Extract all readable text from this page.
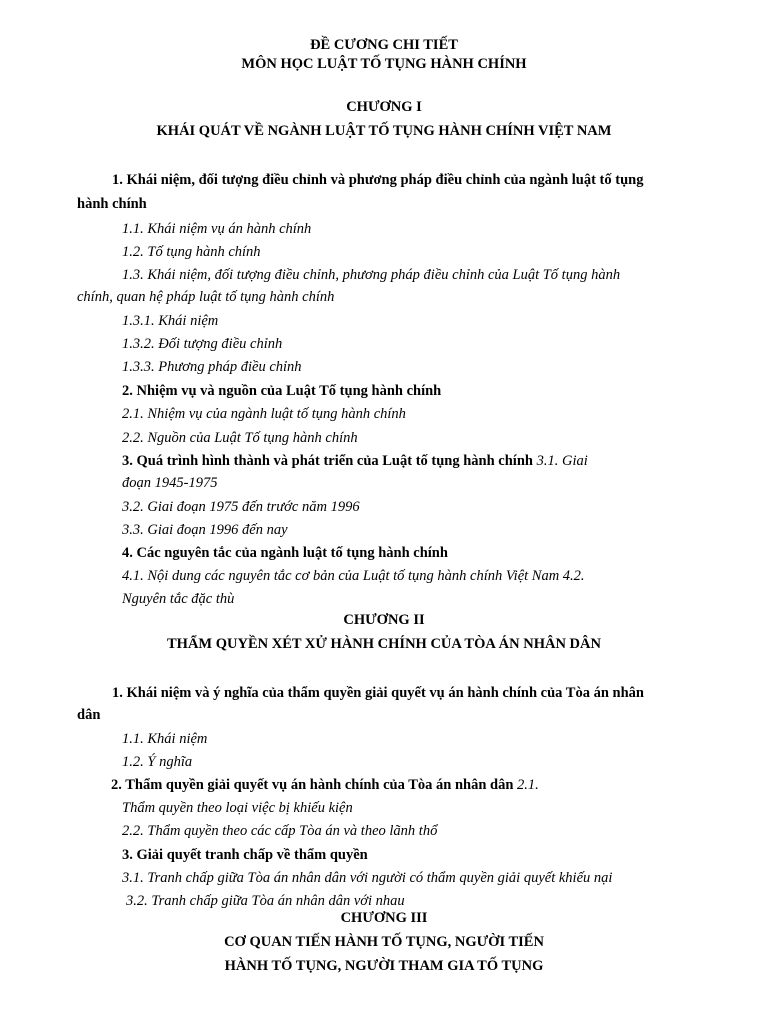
ĐỀ CƯƠNG CHI TIẾT
MÔN HỌC LUẬT TỐ TỤNG HÀNH CHÍNH
CHƯƠNG I
KHÁI QUÁT VỀ NGÀNH LUẬT TỐ TỤNG HÀNH CHÍNH VIỆT NAM
1. Khái niệm, đối tượng điều chỉnh và phương pháp điều chỉnh của ngành luật tố tụng
hành chính
1.1. Khái niệm vụ án hành chính
1.2. Tố tụng hành chính
1.3. Khái niệm, đối tượng điều chỉnh, phương pháp điều chỉnh của Luật Tố tụng hành
chính, quan hệ pháp luật tố tụng hành chính
1.3.1. Khái niệm
1.3.2. Đối tượng điều chỉnh
1.3.3. Phương pháp điều chỉnh
2. Nhiệm vụ và nguồn của Luật Tố tụng hành chính
2.1. Nhiệm vụ của ngành luật tố tụng hành chính
2.2. Nguồn của Luật Tố tụng hành chính
3. Quá trình hình thành và phát triển của Luật tố tụng hành chính 3.1. Giai
đoạn 1945-1975
3.2. Giai đoạn 1975 đến trước năm 1996
3.3. Giai đoạn 1996 đến nay
4. Các nguyên tắc của ngành luật tố tụng hành chính
4.1. Nội dung các nguyên tắc cơ bản của Luật tố tụng hành chính Việt Nam 4.2.
Nguyên tắc đặc thù
CHƯƠNG II
THẨM QUYỀN XÉT XỬ HÀNH CHÍNH CỦA TÒA ÁN NHÂN DÂN
1. Khái niệm và ý nghĩa của thẩm quyền giải quyết vụ án hành chính của Tòa án nhân
dân
1.1. Khái niệm
1.2. Ý nghĩa
2. Thẩm quyền giải quyết vụ án hành chính của Tòa án nhân dân 2.1.
Thẩm quyền theo loại việc bị khiếu kiện
2.2. Thẩm quyền theo các cấp Tòa án và theo lãnh thổ
3. Giải quyết tranh chấp về thẩm quyền
3.1. Tranh chấp giữa Tòa án nhân dân với người có thẩm quyền giải quyết khiếu nại
3.2. Tranh chấp giữa Tòa án nhân dân với nhau
CHƯƠNG III
CƠ QUAN TIẾN HÀNH TỐ TỤNG, NGƯỜI TIẾN
HÀNH TỐ TỤNG, NGƯỜI THAM GIA TỐ TỤNG
